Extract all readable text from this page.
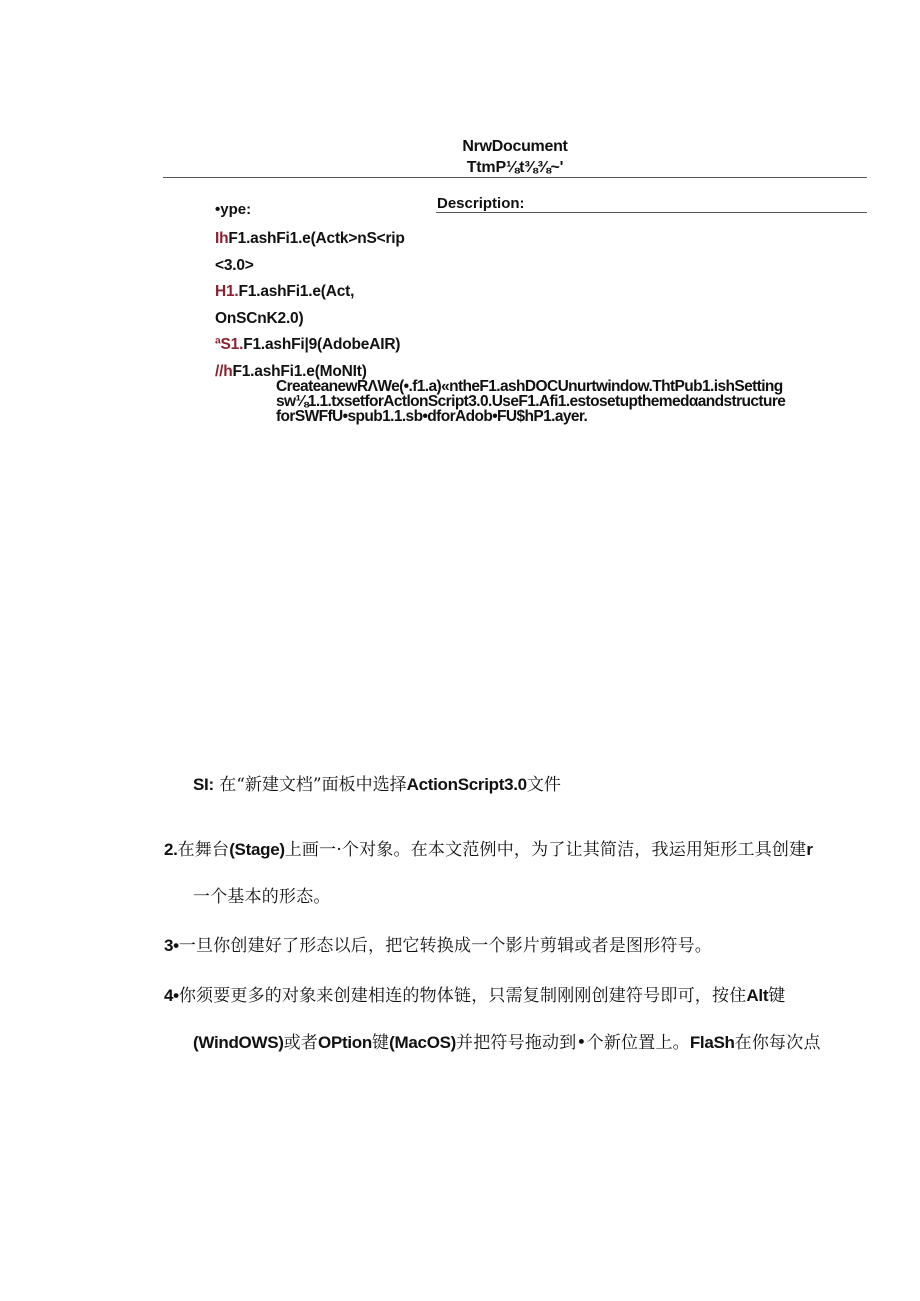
NrwDocument
TtmP⅛t⅜⅜~'
•ype:	Description:
IhF1.ashFi1.e(Actk>nS<rip
<3.0>
H1.F1.ashFi1.e(Act,
OnSCnK2.0)
ªS1.F1.ashFi|9(AdobeAIR)
//hF1.ashFi1.e(MoNIt)
CreateanewRΛWe(•.f1.a)«ntheF1.ashDOCUnurtwindow.ThtPub1.ishSetting
sw⅛1.1.txsetforActlonScript3.0.UseF1.Afi1.estosetupthemedαandstructure
forSWFfU•spub1.1.sb•dforAdob•FU$hP1.ayer.
SI: 在“新建文档”面板中选择ActionScript3.0文件
2.在舞台(Stage)上画一·个对象。在本文范例中，为了让其简洁，我运用矩形工具创建r
一个基本的形态。
3•一旦你创建好了形态以后，把它转换成一个影片剪辑或者是图形符号。
4•你须要更多的对象来创建相连的物体链，只需复制刚刚创建符号即可，按住Alt键
(WindOWS)或者OPtion键(MacOS)并把符号拖动到•个新位置上。FlaSh在你每次点
